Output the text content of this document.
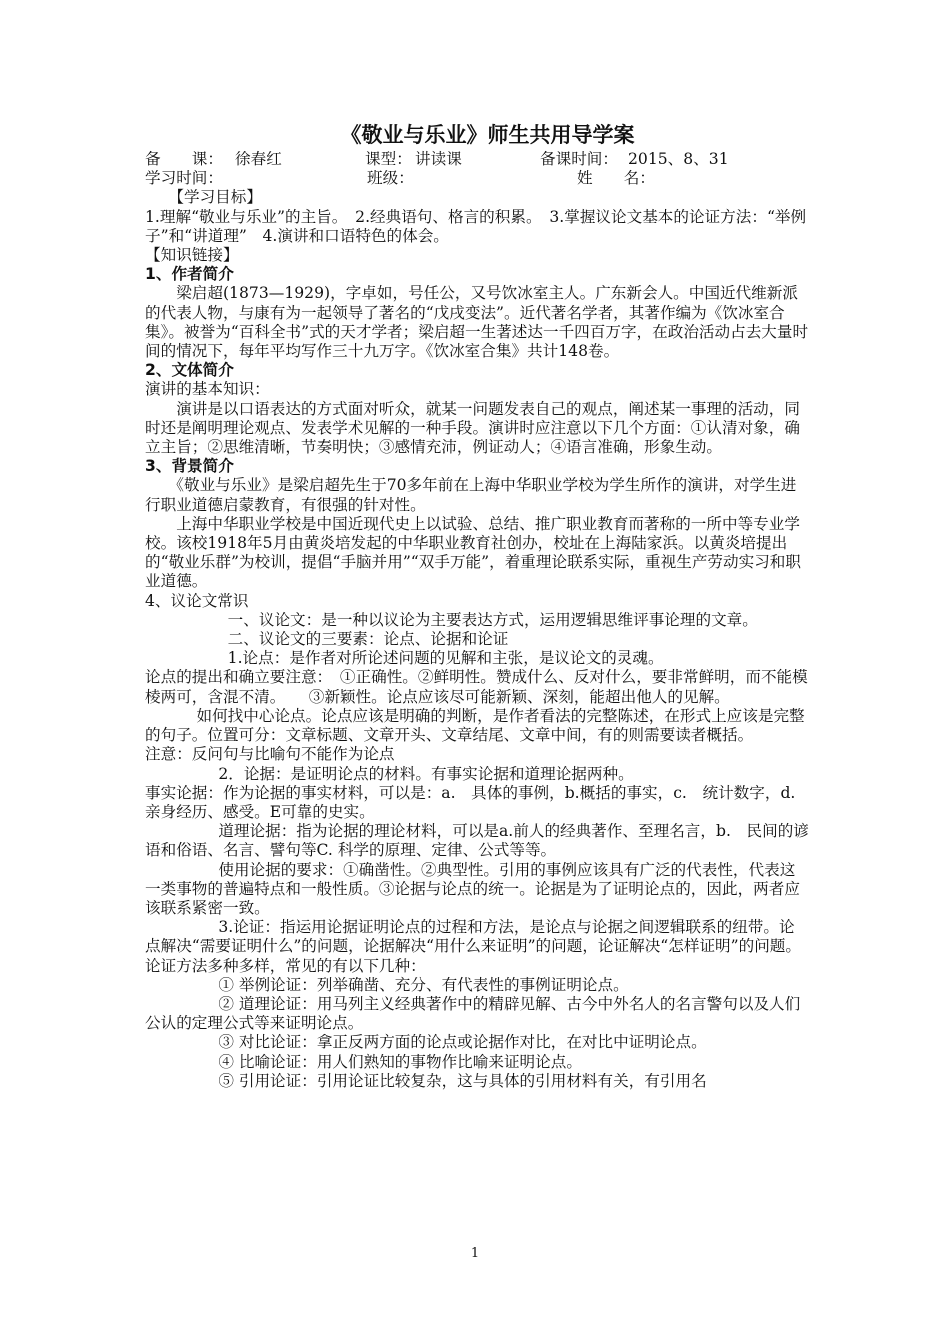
《敬业与乐业》师生共用导学案
备　　课： 徐春红	课型： 讲读课	备课时间： 2015、8、31
学习时间：	班级：	姓　　名：

【学习目标】

1.理解“敬业与乐业”的主旨。　2.经典语句、格言的积累。　3.掌握议论文基本的论证方法：“举例子”和“讲道理”　4.演讲和口语特色的体会。

【知识链接】

1、作者简介

梁启超(1873—1929)，字卓如，号任公，又号饮冰室主人。广东新会人。中国近代维新派的代表人物，与康有为一起领导了著名的“戊戌变法”。近代著名学者，其著作编为《饮冰室合集》。被誉为“百科全书”式的天才学者；梁启超一生著述达一千四百万字，在政治活动占去大量时间的情况下，每年平均写作三十九万字。《饮冰室合集》共计148卷。

2、文体简介

演讲的基本知识：

演讲是以口语表达的方式面对听众，就某一问题发表自己的观点，阐述某一事理的活动，同时还是阐明理论观点、发表学术见解的一种手段。演讲时应注意以下几个方面：①认清对象，确立主旨；②思维清晰，节奏明快；③感情充沛，例证动人；④语言准确，形象生动。

3、背景简介

《敬业与乐业》是梁启超先生于70多年前在上海中华职业学校为学生所作的演讲，对学生进行职业道德启蒙教育，有很强的针对性。

上海中华职业学校是中国近现代史上以试验、总结、推广职业教育而著称的一所中等专业学校。该校1918年5月由黄炎培发起的中华职业教育社创办，校址在上海陆家浜。以黄炎培提出的“敬业乐群”为校训，提倡“手脑并用”“双手万能”，着重理论联系实际，重视生产劳动实习和职业道德。

4、议论文常识

一、议论文：是一种以议论为主要表达方式，运用逻辑思维评事论理的文章。

二、议论文的三要素：论点、论据和论证

1.论点：是作者对所论述问题的见解和主张，是议论文的灵魂。

论点的提出和确立要注意：　①正确性。②鲜明性。赞成什么、反对什么，要非常鲜明，而不能模棱两可，含混不清。　　③新颖性。论点应该尽可能新颖、深刻，能超出他人的见解。

如何找中心论点。论点应该是明确的判断，是作者看法的完整陈述，在形式上应该是完整的句子。位置可分：文章标题、文章开头、文章结尾、文章中间，有的则需要读者概括。

注意：反问句与比喻句不能作为论点

2．论据：是证明论点的材料。有事实论据和道理论据两种。

事实论据：作为论据的事实材料，可以是：a.　具体的事例，b.概括的事实，c.　统计数字，d.　亲身经历、感受。E可靠的史实。

道理论据：指为论据的理论材料，可以是a.前人的经典著作、至理名言，b.　民间的谚语和俗语、名言、譬句等C. 科学的原理、定律、公式等等。

使用论据的要求：①确凿性。②典型性。引用的事例应该具有广泛的代表性，代表这一类事物的普遍特点和一般性质。③论据与论点的统一。论据是为了证明论点的，因此，两者应该联系紧密一致。

3.论证：指运用论据证明论点的过程和方法，是论点与论据之间逻辑联系的纽带。论点解决“需要证明什么”的问题，论据解决“用什么来证明”的问题，论证解决“怎样证明”的问题。论证方法多种多样，常见的有以下几种：

① 举例论证：列举确凿、充分、有代表性的事例证明论点。

② 道理论证：用马列主义经典著作中的精辟见解、古今中外名人的名言警句以及人们公认的定理公式等来证明论点。

③ 对比论证：拿正反两方面的论点或论据作对比，在对比中证明论点。

④ 比喻论证：用人们熟知的事物作比喻来证明论点。

⑤ 引用论证：引用论证比较复杂，这与具体的引用材料有关，有引用名

1
